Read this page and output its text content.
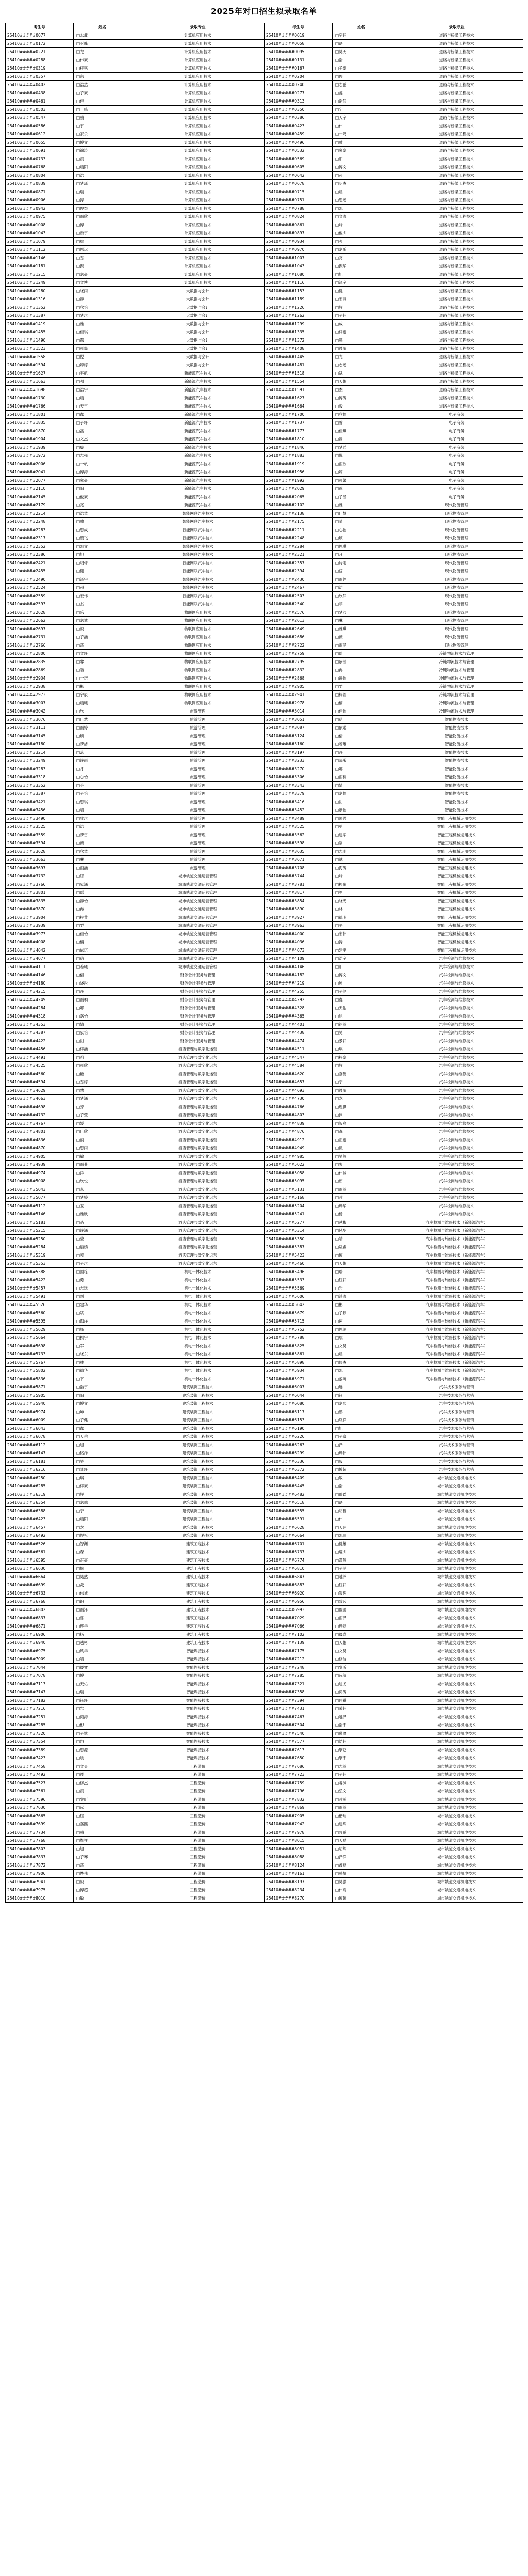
2025年对口招生拟录取名单
考生号	姓名	录取专业
25410#####0077	□永鑫	计算机应用技术
25410#####0172	□亚峰	计算机应用技术
25410#####0221	□龙	计算机应用技术
25410#####0288	□伟豪	计算机应用技术
25410#####0319	□梓铭	计算机应用技术
25410#####0357	□东	计算机应用技术
25410#####0402	□浩然	计算机应用技术
25410#####0438	□子豪	计算机应用技术
25410#####0461	□佳	计算机应用技术
25410#####0503	□一鸣	计算机应用技术
25410#####0547	□鹏	计算机应用技术
25410#####0586	□宇	计算机应用技术
25410#####0612	□家乐	计算机应用技术
25410#####0655	□博文	计算机应用技术
25410#####0691	□锦涛	计算机应用技术
25410#####0733	□凯	计算机应用技术
25410#####0768	□晨阳	计算机应用技术
25410#####0804	□浩	计算机应用技术
25410#####0839	□梦瑶	计算机应用技术
25410#####0871	□瑞	计算机应用技术
25410#####0906	□涛	计算机应用技术
25410#####0942	□俊杰	计算机应用技术
25410#####0975	□雨欣	计算机应用技术
25410#####1008	□博	计算机应用技术
25410#####1043	□新宇	计算机应用技术
25410#####1079	□航	计算机应用技术
25410#####1112	□思远	计算机应用技术
25410#####1146	□雪	计算机应用技术
25410#####1181	□振	计算机应用技术
25410#####1215	□嘉豪	计算机应用技术
25410#####1249	□文博	计算机应用技术
25410#####1280	□晓雨	大数据与会计
25410#####1316	□静	大数据与会计
25410#####1352	□欣怡	大数据与会计
25410#####1387	□梦琪	大数据与会计
25410#####1419	□雅	大数据与会计
25410#####1455	□佳琪	大数据与会计
25410#####1490	□露	大数据与会计
25410#####1523	□可馨	大数据与会计
25410#####1558	□悦	大数据与会计
25410#####1594	□婷婷	大数据与会计
25410#####1627	□宇航	新能源汽车技术
25410#####1663	□强	新能源汽车技术
25410#####1698	□浩宇	新能源汽车技术
25410#####1730	□晨	新能源汽车技术
25410#####1766	□天宇	新能源汽车技术
25410#####1801	□鑫	新能源汽车技术
25410#####1835	□子轩	新能源汽车技术
25410#####1870	□磊	新能源汽车技术
25410#####1904	□文杰	新能源汽车技术
25410#####1939	□威	新能源汽车技术
25410#####1972	□志强	新能源汽车技术
25410#####2006	□一帆	新能源汽车技术
25410#####2041	□博涛	新能源汽车技术
25410#####2077	□家豪	新能源汽车技术
25410#####2110	□阳	新能源汽车技术
25410#####2145	□俊豪	新能源汽车技术
25410#####2179	□亮	新能源汽车技术
25410#####2214	□浩然	智能网联汽车技术
25410#####2248	□帅	智能网联汽车技术
25410#####2283	□思成	智能网联汽车技术
25410#####2317	□鹏飞	智能网联汽车技术
25410#####2352	□凯文	智能网联汽车技术
25410#####2386	□旭	智能网联汽车技术
25410#####2421	□明轩	智能网联汽车技术
25410#####2455	□健	智能网联汽车技术
25410#####2490	□泽宇	智能网联汽车技术
25410#####2524	□超	智能网联汽车技术
25410#####2559	□宏伟	智能网联汽车技术
25410#####2593	□杰	智能网联汽车技术
25410#####2628	□乐	物联网应用技术
25410#####2662	□嘉诚	物联网应用技术
25410#####2697	□毅	物联网应用技术
25410#####2731	□子涵	物联网应用技术
25410#####2766	□泽	物联网应用技术
25410#####2800	□文轩	物联网应用技术
25410#####2835	□睿	物联网应用技术
25410#####2869	□皓	物联网应用技术
25410#####2904	□一诺	物联网应用技术
25410#####2938	□彬	物联网应用技术
25410#####2973	□宇辰	物联网应用技术
25410#####3007	□晨曦	物联网应用技术
25410#####3042	□欣	旅游管理
25410#####3076	□佳慧	旅游管理
25410#####3111	□雨婷	旅游管理
25410#####3145	□颖	旅游管理
25410#####3180	□梦洁	旅游管理
25410#####3214	□蕊	旅游管理
25410#####3249	□诗雨	旅游管理
25410#####3283	□月	旅游管理
25410#####3318	□心怡	旅游管理
25410#####3352	□菲	旅游管理
25410#####3387	□子怡	旅游管理
25410#####3421	□思琪	旅游管理
25410#####3456	□晴	旅游管理
25410#####3490	□雅琪	旅游管理
25410#####3525	□洁	旅游管理
25410#####3559	□梦雪	旅游管理
25410#####3594	□薇	旅游管理
25410#####3628	□欣然	旅游管理
25410#####3663	□琳	旅游管理
25410#####3697	□雨涵	旅游管理
25410#####3732	□妍	城市轨道交通运营管理
25410#####3766	□紫涵	城市轨道交通运营管理
25410#####3801	□瑶	城市轨道交通运营管理
25410#####3835	□静怡	城市轨道交通运营管理
25410#####3870	□冉	城市轨道交通运营管理
25410#####3904	□梓萱	城市轨道交通运营管理
25410#####3939	□雯	城市轨道交通运营管理
25410#####3973	□佳怡	城市轨道交通运营管理
25410#####4008	□楠	城市轨道交通运营管理
25410#####4042	□依诺	城市轨道交通运营管理
25410#####4077	□萌	城市轨道交通运营管理
25410#####4111	□若曦	城市轨道交通运营管理
25410#####4146	□倩	财务会计服务与管理
25410#####4180	□晓彤	财务会计服务与管理
25410#####4215	□丹	财务会计服务与管理
25410#####4249	□雨桐	财务会计服务与管理
25410#####4284	□娜	财务会计服务与管理
25410#####4318	□嘉怡	财务会计服务与管理
25410#####4353	□婧	财务会计服务与管理
25410#####4387	□紫怡	财务会计服务与管理
25410#####4422	□甜	财务会计服务与管理
25410#####4456	□梓涵	酒店管理与数字化运营
25410#####4491	□莉	酒店管理与数字化运营
25410#####4525	□可欣	酒店管理与数字化运营
25410#####4560	□艳	酒店管理与数字化运营
25410#####4594	□雪婷	酒店管理与数字化运营
25410#####4629	□慧	酒店管理与数字化运营
25410#####4663	□梦涵	酒店管理与数字化运营
25410#####4698	□芳	酒店管理与数字化运营
25410#####4732	□子萱	酒店管理与数字化运营
25410#####4767	□媛	酒店管理与数字化运营
25410#####4801	□佳欣	酒店管理与数字化运营
25410#####4836	□丽	酒店管理与数字化运营
25410#####4870	□思雨	酒店管理与数字化运营
25410#####4905	□敏	酒店管理与数字化运营
25410#####4939	□雨菲	酒店管理与数字化运营
25410#####4974	□洋	酒店管理与数字化运营
25410#####5008	□欣悦	酒店管理与数字化运营
25410#####5043	□燕	酒店管理与数字化运营
25410#####5077	□梦婷	酒店管理与数字化运营
25410#####5112	□玉	酒店管理与数字化运营
25410#####5146	□雅欣	酒店管理与数字化运营
25410#####5181	□晶	酒店管理与数字化运营
25410#####5215	□诗涵	酒店管理与数字化运营
25410#####5250	□莹	酒店管理与数字化运营
25410#####5284	□语嫣	酒店管理与数字化运营
25410#####5319	□蓉	酒店管理与数字化运营
25410#####5353	□子琪	酒店管理与数字化运营
25410#####5388	□国栋	机电一体化技术
25410#####5422	□勇	机电一体化技术
25410#####5457	□志远	机电一体化技术
25410#####5491	□刚	机电一体化技术
25410#####5526	□建华	机电一体化技术
25410#####5560	□斌	机电一体化技术
25410#####5595	□海洋	机电一体化技术
25410#####5629	□峰	机电一体化技术
25410#####5664	□振宇	机电一体化技术
25410#####5698	□军	机电一体化技术
25410#####5733	□晓东	机电一体化技术
25410#####5767	□林	机电一体化技术
25410#####5802	□德华	机电一体化技术
25410#####5836	□平	机电一体化技术
25410#####5871	□浩宇	建筑装饰工程技术
25410#####5905	□阳	建筑装饰工程技术
25410#####5940	□博文	建筑装饰工程技术
25410#####5974	□坤	建筑装饰工程技术
25410#####6009	□子健	建筑装饰工程技术
25410#####6043	□鑫	建筑装饰工程技术
25410#####6078	□天佑	建筑装饰工程技术
25410#####6112	□旭	建筑装饰工程技术
25410#####6147	□铭泽	建筑装饰工程技术
25410#####6181	□昊	建筑装饰工程技术
25410#####6216	□景轩	建筑装饰工程技术
25410#####6250	□琪	建筑装饰工程技术
25410#####6285	□梓豪	建筑装饰工程技术
25410#####6319	□辉	建筑装饰工程技术
25410#####6354	□嘉懿	建筑装饰工程技术
25410#####6388	□宁	建筑装饰工程技术
25410#####6423	□晨阳	建筑装饰工程技术
25410#####6457	□龙	建筑装饰工程技术
25410#####6492	□煜祺	建筑装饰工程技术
25410#####6526	□智渊	建筑工程技术
25410#####6561	□森	建筑工程技术
25410#####6595	□正豪	建筑工程技术
25410#####6630	□帆	建筑工程技术
25410#####6664	□昊然	建筑工程技术
25410#####6699	□炎	建筑工程技术
25410#####6733	□伟诚	建筑工程技术
25410#####6768	□朗	建筑工程技术
25410#####6802	□雨泽	建筑工程技术
25410#####6837	□哲	建筑工程技术
25410#####6871	□烨华	建筑工程技术
25410#####6906	□杨	建筑工程技术
25410#####6940	□越彬	建筑工程技术
25410#####6975	□风华	智能焊接技术
25410#####7009	□靖	智能焊接技术
25410#####7044	□晟睿	智能焊接技术
25410#####7078	□博	智能焊接技术
25410#####7113	□天佑	智能焊接技术
25410#####7147	□瑞	智能焊接技术
25410#####7182	□钰轩	智能焊接技术
25410#####7216	□岩	智能焊接技术
25410#####7251	□鸿涛	智能焊接技术
25410#####7285	□彬	智能焊接技术
25410#####7320	□子默	智能焊接技术
25410#####7354	□翔	智能焊接技术
25410#####7389	□思源	智能焊接技术
25410#####7423	□航	智能焊接技术
25410#####7458	□文昊	工程造价
25410#####7492	□晨	工程造价
25410#####7527	□修杰	工程造价
25410#####7561	□凯	工程造价
25410#####7596	□黎昕	工程造价
25410#####7630	□远	工程造价
25410#####7665	□钰	工程造价
25410#####7699	□嘉熙	工程造价
25410#####7734	□鹏	工程造价
25410#####7768	□胤祥	工程造价
25410#####7803	□旭	工程造价
25410#####7837	□子骞	工程造价
25410#####7872	□泽	工程造价
25410#####7906	□烨伟	工程造价
25410#####7941	□毅	工程造价
25410#####7975	□博超	工程造价
25410#####8010	□敏	工程造价
考生号	姓名	录取专业
25410#####0019	□宇轩	道路与桥梁工程技术
25410#####0058	□磊	道路与桥梁工程技术
25410#####0095	□昊天	道路与桥梁工程技术
25410#####0131	□浩	道路与桥梁工程技术
25410#####0167	□子豪	道路与桥梁工程技术
25410#####0204	□俊	道路与桥梁工程技术
25410#####0240	□志鹏	道路与桥梁工程技术
25410#####0277	□鑫	道路与桥梁工程技术
25410#####0313	□浩然	道路与桥梁工程技术
25410#####0350	□宁	道路与桥梁工程技术
25410#####0386	□天宇	道路与桥梁工程技术
25410#####0423	□伟	道路与桥梁工程技术
25410#####0459	□一鸣	道路与桥梁工程技术
25410#####0496	□帅	道路与桥梁工程技术
25410#####0532	□家豪	道路与桥梁工程技术
25410#####0569	□阳	道路与桥梁工程技术
25410#####0605	□博文	道路与桥梁工程技术
25410#####0642	□超	道路与桥梁工程技术
25410#####0678	□明杰	道路与桥梁工程技术
25410#####0715	□晨	道路与桥梁工程技术
25410#####0751	□思远	道路与桥梁工程技术
25410#####0788	□凯	道路与桥梁工程技术
25410#####0824	□文涛	道路与桥梁工程技术
25410#####0861	□峰	道路与桥梁工程技术
25410#####0897	□俊杰	道路与桥梁工程技术
25410#####0934	□强	道路与桥梁工程技术
25410#####0970	□嘉乐	道路与桥梁工程技术
25410#####1007	□亮	道路与桥梁工程技术
25410#####1043	□振华	道路与桥梁工程技术
25410#####1080	□旭	道路与桥梁工程技术
25410#####1116	□泽宇	道路与桥梁工程技术
25410#####1153	□健	道路与桥梁工程技术
25410#####1189	□宏博	道路与桥梁工程技术
25410#####1226	□辉	道路与桥梁工程技术
25410#####1262	□子轩	道路与桥梁工程技术
25410#####1299	□威	道路与桥梁工程技术
25410#####1335	□梓豪	道路与桥梁工程技术
25410#####1372	□鹏	道路与桥梁工程技术
25410#####1408	□晨阳	道路与桥梁工程技术
25410#####1445	□龙	道路与桥梁工程技术
25410#####1481	□志远	道路与桥梁工程技术
25410#####1518	□斌	道路与桥梁工程技术
25410#####1554	□天佑	道路与桥梁工程技术
25410#####1591	□杰	道路与桥梁工程技术
25410#####1627	□博涛	道路与桥梁工程技术
25410#####1664	□毅	道路与桥梁工程技术
25410#####1700	□欣怡	电子商务
25410#####1737	□雪	电子商务
25410#####1773	□佳琪	电子商务
25410#####1810	□静	电子商务
25410#####1846	□梦瑶	电子商务
25410#####1883	□悦	电子商务
25410#####1919	□雨欣	电子商务
25410#####1956	□婷	电子商务
25410#####1992	□可馨	电子商务
25410#####2029	□露	电子商务
25410#####2065	□子涵	电子商务
25410#####2102	□雅	现代物流管理
25410#####2138	□佳慧	现代物流管理
25410#####2175	□晴	现代物流管理
25410#####2211	□心怡	现代物流管理
25410#####2248	□颖	现代物流管理
25410#####2284	□思琪	现代物流管理
25410#####2321	□月	现代物流管理
25410#####2357	□诗雨	现代物流管理
25410#####2394	□蕊	现代物流管理
25410#####2430	□雨婷	现代物流管理
25410#####2467	□洁	现代物流管理
25410#####2503	□欣然	现代物流管理
25410#####2540	□菲	现代物流管理
25410#####2576	□梦洁	现代物流管理
25410#####2613	□琳	现代物流管理
25410#####2649	□雅琪	现代物流管理
25410#####2686	□薇	现代物流管理
25410#####2722	□雨涵	现代物流管理
25410#####2759	□瑶	冷链物流技术与管理
25410#####2795	□紫涵	冷链物流技术与管理
25410#####2832	□冉	冷链物流技术与管理
25410#####2868	□静怡	冷链物流技术与管理
25410#####2905	□雯	冷链物流技术与管理
25410#####2941	□梓萱	冷链物流技术与管理
25410#####2978	□楠	冷链物流技术与管理
25410#####3014	□佳怡	冷链物流技术与管理
25410#####3051	□萌	智能物流技术
25410#####3087	□依诺	智能物流技术
25410#####3124	□倩	智能物流技术
25410#####3160	□若曦	智能物流技术
25410#####3197	□丹	智能物流技术
25410#####3233	□晓彤	智能物流技术
25410#####3270	□娜	智能物流技术
25410#####3306	□雨桐	智能物流技术
25410#####3343	□婧	智能物流技术
25410#####3379	□嘉怡	智能物流技术
25410#####3416	□甜	智能物流技术
25410#####3452	□紫怡	智能物流技术
25410#####3489	□国强	智能工程机械运用技术
25410#####3525	□勇	智能工程机械运用技术
25410#####3562	□建军	智能工程机械运用技术
25410#####3598	□刚	智能工程机械运用技术
25410#####3635	□志刚	智能工程机械运用技术
25410#####3671	□斌	智能工程机械运用技术
25410#####3708	□海涛	智能工程机械运用技术
25410#####3744	□峰	智能工程机械运用技术
25410#####3781	□振东	智能工程机械运用技术
25410#####3817	□军	智能工程机械运用技术
25410#####3854	□晓光	智能工程机械运用技术
25410#####3890	□林	智能工程机械运用技术
25410#####3927	□德明	智能工程机械运用技术
25410#####3963	□平	智能工程机械运用技术
25410#####4000	□宏伟	智能工程机械运用技术
25410#####4036	□涛	智能工程机械运用技术
25410#####4073	□建平	智能工程机械运用技术
25410#####4109	□浩宇	汽车检测与维修技术
25410#####4146	□阳	汽车检测与维修技术
25410#####4182	□博文	汽车检测与维修技术
25410#####4219	□坤	汽车检测与维修技术
25410#####4255	□子健	汽车检测与维修技术
25410#####4292	□鑫	汽车检测与维修技术
25410#####4328	□天佑	汽车检测与维修技术
25410#####4365	□旭	汽车检测与维修技术
25410#####4401	□铭泽	汽车检测与维修技术
25410#####4438	□昊	汽车检测与维修技术
25410#####4474	□景轩	汽车检测与维修技术
25410#####4511	□琪	汽车检测与维修技术
25410#####4547	□梓豪	汽车检测与维修技术
25410#####4584	□辉	汽车检测与维修技术
25410#####4620	□嘉懿	汽车检测与维修技术
25410#####4657	□宁	汽车检测与维修技术
25410#####4693	□晨阳	汽车检测与维修技术
25410#####4730	□龙	汽车检测与维修技术
25410#####4766	□煜祺	汽车检测与维修技术
25410#####4803	□渊	汽车检测与维修技术
25410#####4839	□智宸	汽车检测与维修技术
25410#####4876	□森	汽车检测与维修技术
25410#####4912	□正豪	汽车检测与维修技术
25410#####4949	□帆	汽车检测与维修技术
25410#####4985	□昊然	汽车检测与维修技术
25410#####5022	□炎	汽车检测与维修技术
25410#####5058	□伟诚	汽车检测与维修技术
25410#####5095	□朗	汽车检测与维修技术
25410#####5131	□雨泽	汽车检测与维修技术
25410#####5168	□哲	汽车检测与维修技术
25410#####5204	□烨华	汽车检测与维修技术
25410#####5241	□杨	汽车检测与维修技术
25410#####5277	□越彬	汽车检测与维修技术（新能源汽车）
25410#####5314	□风华	汽车检测与维修技术（新能源汽车）
25410#####5350	□靖	汽车检测与维修技术（新能源汽车）
25410#####5387	□晟睿	汽车检测与维修技术（新能源汽车）
25410#####5423	□博	汽车检测与维修技术（新能源汽车）
25410#####5460	□天佑	汽车检测与维修技术（新能源汽车）
25410#####5496	□瑞	汽车检测与维修技术（新能源汽车）
25410#####5533	□钰轩	汽车检测与维修技术（新能源汽车）
25410#####5569	□岩	汽车检测与维修技术（新能源汽车）
25410#####5606	□鸿涛	汽车检测与维修技术（新能源汽车）
25410#####5642	□彬	汽车检测与维修技术（新能源汽车）
25410#####5679	□子默	汽车检测与维修技术（新能源汽车）
25410#####5715	□翔	汽车检测与维修技术（新能源汽车）
25410#####5752	□思源	汽车检测与维修技术（新能源汽车）
25410#####5788	□航	汽车检测与维修技术（新能源汽车）
25410#####5825	□文昊	汽车检测与维修技术（新能源汽车）
25410#####5861	□晨	汽车检测与维修技术（新能源汽车）
25410#####5898	□修杰	汽车检测与维修技术（新能源汽车）
25410#####5934	□凯	汽车检测与维修技术（新能源汽车）
25410#####5971	□黎昕	汽车检测与维修技术（新能源汽车）
25410#####6007	□远	汽车技术服务与营销
25410#####6044	□钰	汽车技术服务与营销
25410#####6080	□嘉熙	汽车技术服务与营销
25410#####6117	□鹏	汽车技术服务与营销
25410#####6153	□胤祥	汽车技术服务与营销
25410#####6190	□旭	汽车技术服务与营销
25410#####6226	□子骞	汽车技术服务与营销
25410#####6263	□泽	汽车技术服务与营销
25410#####6299	□烨伟	汽车技术服务与营销
25410#####6336	□毅	汽车技术服务与营销
25410#####6372	□博超	汽车技术服务与营销
25410#####6409	□敏	城市轨道交通机电技术
25410#####6445	□浩	城市轨道交通机电技术
25410#####6482	□瑞霖	城市轨道交通机电技术
25410#####6518	□磊	城市轨道交通机电技术
25410#####6555	□明哲	城市轨道交通机电技术
25410#####6591	□伟	城市轨道交通机电技术
25410#####6628	□天翊	城市轨道交通机电技术
25410#####6664	□凯瑞	城市轨道交通机电技术
25410#####6701	□健雄	城市轨道交通机电技术
25410#####6737	□耀杰	城市轨道交通机电技术
25410#####6774	□潇然	城市轨道交通机电技术
25410#####6810	□子涵	城市轨道交通机电技术
25410#####6847	□越泽	城市轨道交通机电技术
25410#####6883	□钰轩	城市轨道交通机电技术
25410#####6920	□智辉	城市轨道交通机电技术
25410#####6956	□致远	城市轨道交通机电技术
25410#####6993	□俊驰	城市轨道交通机电技术
25410#####7029	□雨泽	城市轨道交通机电技术
25410#####7066	□烨磊	城市轨道交通机电技术
25410#####7102	□晟睿	城市轨道交通机电技术
25410#####7139	□天佑	城市轨道交通机电技术
25410#####7175	□文昊	城市轨道交通机电技术
25410#####7212	□修洁	城市轨道交通机电技术
25410#####7248	□黎昕	城市轨道交通机电技术
25410#####7285	□远航	城市轨道交通机电技术
25410#####7321	□旭尧	城市轨道交通机电技术
25410#####7358	□鸿涛	城市轨道交通机电技术
25410#####7394	□伟祺	城市轨道交通机电技术
25410#####7431	□荣轩	城市轨道交通机电技术
25410#####7467	□越泽	城市轨道交通机电技术
25410#####7504	□浩宇	城市轨道交通机电技术
25410#####7540	□瑾瑜	城市轨道交通机电技术
25410#####7577	□皓轩	城市轨道交通机电技术
25410#####7613	□擎苍	城市轨道交通机电技术
25410#####7650	□擎宇	城市轨道交通机电技术
25410#####7686	□志泽	城市轨道交通机电技术
25410#####7723	□子轩	城市轨道交通机电技术
25410#####7759	□睿渊	城市轨道交通机电技术
25410#####7796	□弘文	城市轨道交通机电技术
25410#####7832	□哲瀚	城市轨道交通机电技术
25410#####7869	□雨泽	城市轨道交通机电技术
25410#####7905	□楷瑞	城市轨道交通机电技术
25410#####7942	□建辉	城市轨道交通机电技术
25410#####7978	□晋鹏	城市轨道交通机电技术
25410#####8015	□天磊	城市轨道交通机电技术
25410#####8051	□绍辉	城市轨道交通机电技术
25410#####8088	□泽洋	城市轨道交通机电技术
25410#####8124	□鑫磊	城市轨道交通机电技术
25410#####8161	□鹏煊	城市轨道交通机电技术
25410#####8197	□昊强	城市轨道交通机电技术
25410#####8234	□伟宸	城市轨道交通机电技术
25410#####8270	□博超	城市轨道交通机电技术
